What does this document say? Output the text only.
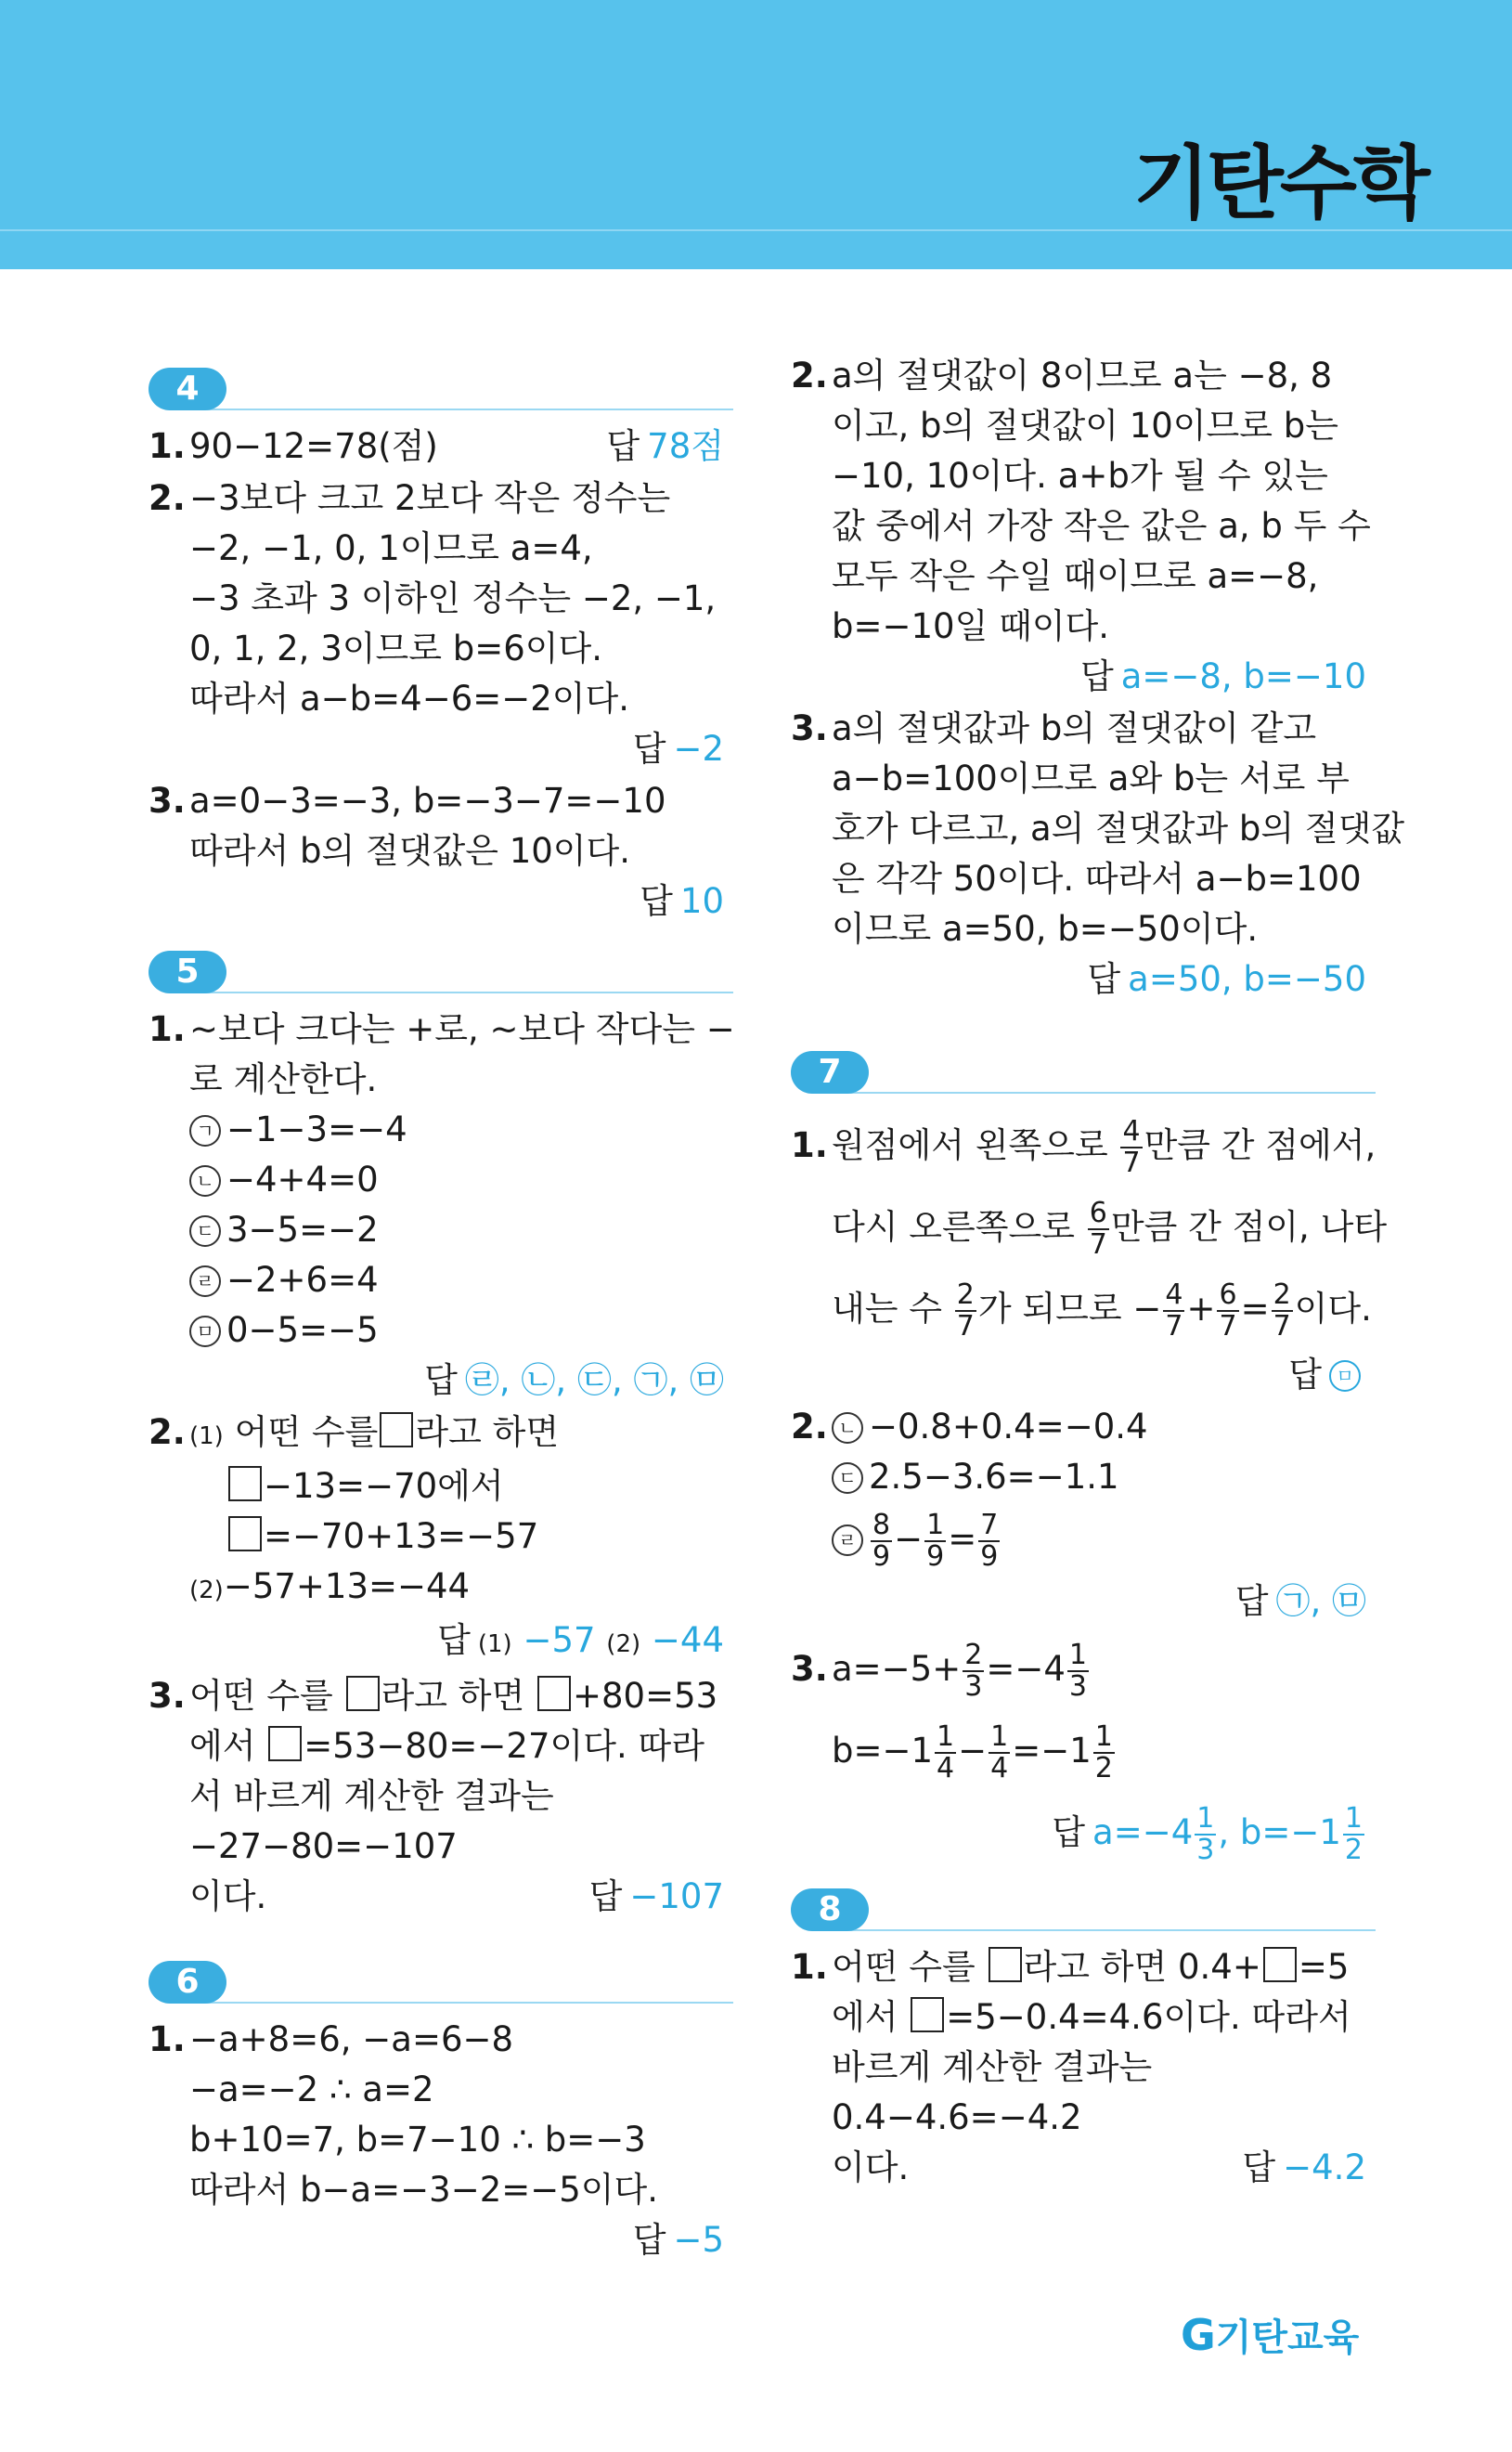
기탄수학
4
1. 90−12=78(점)	답 78점
2. −3보다 크고 2보다 작은 정수는
−2, −1, 0, 1이므로 a=4,
−3 초과 3 이하인 정수는 −2, −1,
0, 1, 2, 3이므로 b=6이다.
따라서 a−b=4−6=−2이다.
답 −2
3. a=0−3=−3, b=−3−7=−10
따라서 b의 절댓값은 10이다.
답 10
5
1. ~보다 크다는 +로, ~보다 작다는 −
로 계산한다.
ㄱ −1−3=−4
ㄴ −4+4=0
ㄷ 3−5=−2
ㄹ −2+6=4
ㅁ 0−5=−5
답 ㉣, ㉡, ㉢, ㉠, ㉤
2. (1) 어떤 수를 라고 하면
−13=−70에서
=−70+13=−57
(2)−57+13=−44
답 (1) −57 (2) −44
3. 어떤 수를 라고 하면 +80=53
에서 =53−80=−27이다. 따라
서 바르게 계산한 결과는
−27−80=−107
이다.	답 −107
6
1. −a+8=6, −a=6−8
−a=−2 ∴ a=2
b+10=7, b=7−10 ∴ b=−3
따라서 b−a=−3−2=−5이다.
답 −5
2. a의 절댓값이 8이므로 a는 −8, 8
이고, b의 절댓값이 10이므로 b는
−10, 10이다. a+b가 될 수 있는
값 중에서 가장 작은 값은 a, b 두 수
모두 작은 수일 때이므로 a=−8,
b=−10일 때이다.
답 a=−8, b=−10
3. a의 절댓값과 b의 절댓값이 같고
a−b=100이므로 a와 b는 서로 부
호가 다르고, a의 절댓값과 b의 절댓값
은 각각 50이다. 따라서 a−b=100
이므로 a=50, b=−50이다.
답 a=50, b=−50
7
1. 원점에서 왼쪽으로 $\frac{4}{7}$ 만큼 간 점에서,
다시 오른쪽으로 $\frac{6}{7}$ 만큼 간 점이, 나타
내는 수 $\frac{2}{7}$ 가 되므로 − $\frac{4}{7} + \frac{6}{7} = \frac{2}{7}$ 이다.
답 ㅁ
2. ㄴ −0.8+0.4=−0.4
ㄷ 2.5−3.6=−1.1
ㄹ $\frac{8}{9} - \frac{1}{9} = \frac{7}{9}$
답 ㉠, ㉤
3. $a=-5+ \frac{2}{3} =-4 \frac{1}{3}$
$b=-1 \frac{1}{4} - \frac{1}{4} =-1 \frac{1}{2}$
답 $a=-4 \frac{1}{3}$ , $b=-1 \frac{1}{2}$
8
1. 어떤 수를 라고 하면 0.4+ =5
에서 =5−0.4=4.6이다. 따라서
바르게 계산한 결과는
0.4−4.6=−4.2
이다.	답 −4.2
G기탄교육
